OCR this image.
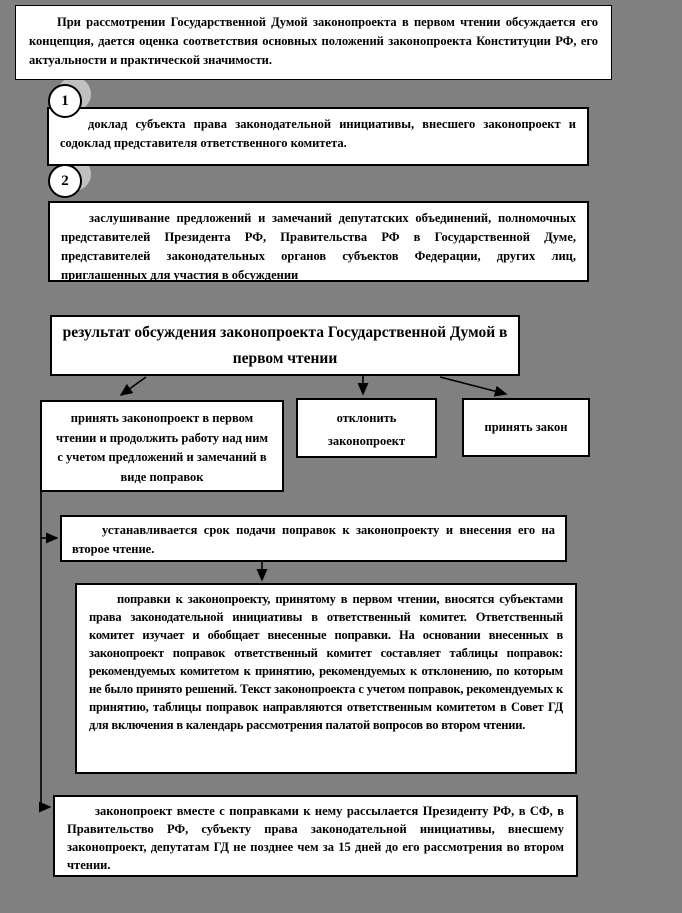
При рассмотрении Государственной Думой законопроекта в первом чтении обсуждается его концепция, дается оценка соответствия основных положений законопроекта Конституции РФ, его актуальности и практической значимости.
1
доклад субъекта права законодательной инициативы, внесшего законопроект и содоклад представителя ответственного комитета.
2
заслушивание предложений и замечаний депутатских объединений, полномочных представителей Президента РФ, Правительства РФ в Государственной Думе, представителей законодательных органов субъектов Федерации, других лиц, приглашенных для участия в обсуждении
результат обсуждения законопроекта Государственной Думой в первом чтении
принять законопроект в первом чтении и продолжить работу над ним с учетом предложений и замечаний в виде поправок
отклонить законопроект
принять закон
устанавливается срок подачи поправок к законопроекту и внесения его на второе чтение.
поправки к законопроекту, принятому в первом чтении, вносятся субъектами права законодательной инициативы в ответственный комитет. Ответственный комитет изучает и обобщает внесенные поправки. На основании внесенных в законопроект поправок ответственный комитет составляет таблицы поправок: рекомендуемых комитетом к принятию, рекомендуемых к отклонению, по которым не было принято решений. Текст законопроекта с учетом поправок, рекомендуемых к принятию, таблицы поправок направляются ответственным комитетом в Совет ГД для включения в календарь рассмотрения палатой вопросов во втором чтении.
законопроект вместе с поправками к нему рассылается Президенту РФ, в СФ, в Правительство РФ, субъекту права законодательной инициативы, внесшему законопроект, депутатам ГД не позднее чем за 15 дней до его рассмотрения во втором чтении.
